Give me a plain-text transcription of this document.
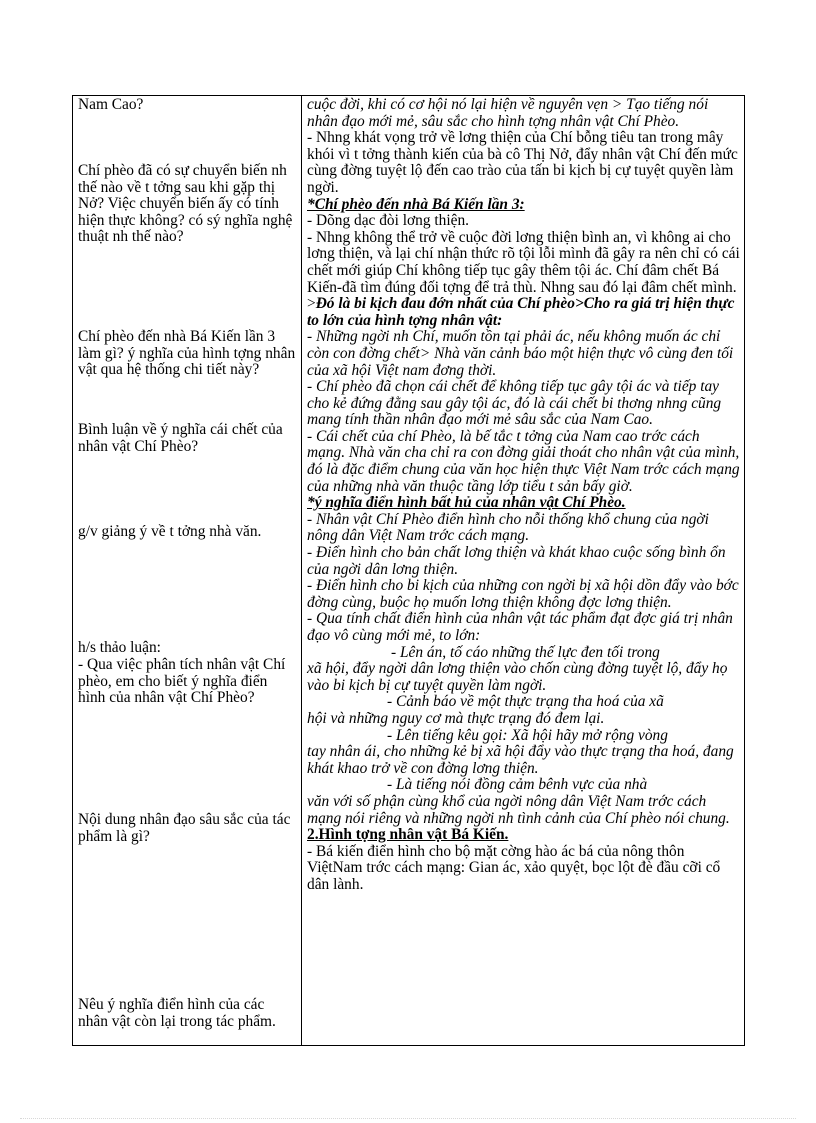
Nam Cao?

Chí phèo đã có sự chuyển biến nh thế nào về t tởng sau khi gặp thị Nở? Việc chuyển biến ấy có tính hiện thực không? có sý nghĩa nghệ thuật nh thế nào?

Chí phèo đến nhà Bá Kiến lần 3 làm gì? ý nghĩa của hình tợng nhân vật qua hệ thống chi tiết này?

Bình luận về ý nghĩa cái chết của nhân vật Chí Phèo?

g/v giảng ý về t tởng nhà văn.

h/s thảo luận:

- Qua việc phân tích nhân vật Chí phèo, em cho biết ý nghĩa điển hình của nhân vật Chí Phèo?

Nội dung nhân đạo sâu sắc của tác phẩm là gì?

Nêu ý nghĩa điển hình của các nhân vật còn lại trong tác phẩm.

cuộc đời, khi có cơ hội nó lại hiện về nguyên vẹn > Tạo tiếng nói nhân đạo mới mẻ, sâu sắc cho hình tợng nhân vật Chí Phèo.

- Nhng khát vọng trở về lơng thiện của Chí bỗng tiêu tan trong mây khói vì t tởng thành kiến của bà cô Thị Nở, đẩy nhân vật Chí đến mức cùng đờng tuyệt lộ đến cao trào của tấn bi kịch bị cự tuyệt quyền làm ngời.

*Chí phèo đến nhà Bá Kiến lần 3:

- Dõng dạc đòi lơng thiện.

- Nhng không thể trở về cuộc đời lơng thiện bình an, vì không ai cho lơng thiện, và lại chí nhận thức rõ tội lỗi mình đã gây ra nên chỉ có cái chết mới giúp Chí không tiếp tục gây thêm tội ác. Chí đâm chết Bá Kiến-đã tìm đúng đối tợng để trả thù. Nhng sau đó lại đâm chết mình. >Đó là bi kịch đau đớn nhất của Chí phèo>Cho ra giá trị hiện thực to lớn của hình tợng nhân vật:

- Những ngời nh Chí, muốn tồn tại phải ác, nếu không muốn ác chỉ còn con đờng chết> Nhà văn cảnh báo một hiện thực vô cùng đen tối của xã hội Việt nam đơng thời.

- Chí phèo đã chọn cái chết để không tiếp tục gây tội ác và tiếp tay cho kẻ đứng đằng sau gây tội ác, đó là cái chết bi thơng nhng cũng mang tính thần nhân đạo mới mẻ sâu sắc của Nam Cao.

- Cái chết của chí Phèo, là bế tắc t tởng của Nam cao trớc cách mạng. Nhà văn cha chỉ ra con đờng giải thoát cho nhân vật của mình, đó là đặc điểm chung của văn học hiện thực Việt Nam trớc cách mạng của những nhà văn thuộc tầng lớp tiểu t sản bấy giờ.

*ý nghĩa điển hình bất hủ của nhân vật Chí Phèo.

- Nhân vật Chí Phèo điển hình cho nỗi thống khổ chung của ngời nông dân Việt Nam trớc cách mạng.

- Điển hình cho bản chất lơng thiện và khát khao cuộc sống bình ổn của ngời dân lơng thiện.

- Điển hình cho bi kịch của những con ngời bị xã hội dồn đẩy vào bớc đờng cùng, buộc họ muốn lơng thiện không đợc lơng thiện.

- Qua tính chất điển hình của nhân vật tác phẩm đạt đợc giá trị nhân đạo vô cùng mới mẻ, to lớn:

- Lên án, tố cáo những thế lực đen tối trong

xã hội, đẩy ngời dân lơng thiện vào chốn cùng đờng tuyệt lộ, đẩy họ vào bi kịch bị cự tuyệt quyền làm ngời.

- Cảnh báo về một thực trạng tha hoá của xã

hội và những nguy cơ mà thực trạng đó đem lại.

- Lên tiếng kêu gọi: Xã hội hãy mở rộng vòng

tay nhân ái, cho những kẻ bị xã hội đẩy vào thực trạng tha hoá, đang khát khao trở về con đờng lơng thiện.

- Là tiếng nói đồng cảm bênh vực của nhà

văn với số phận cùng khổ của ngời nông dân Việt Nam trớc cách mạng nói riêng và những ngời nh tình cảnh của Chí phèo nói chung.

2.Hình tợng nhân vật Bá Kiến.

- Bá kiến điển hình cho bộ mặt cờng hào ác bá của nông thôn ViệtNam trớc cách mạng: Gian ác, xảo quyệt, bọc lột đè đầu cỡi cổ dân lành.
